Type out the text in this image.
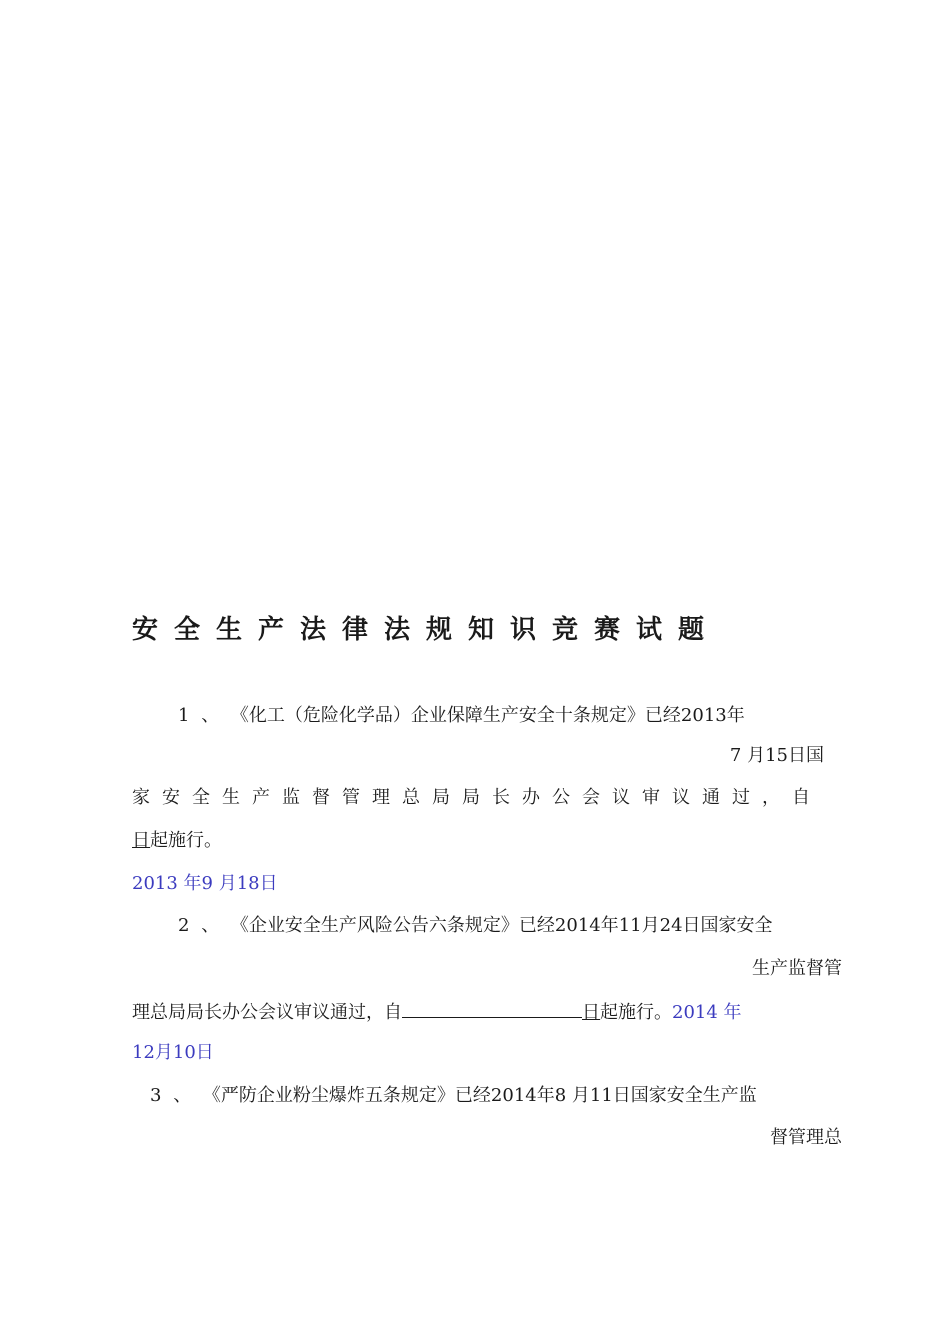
安全生产法律法规知识竞赛试题
1 、 《化工（危险化学品）企业保障生产安全十条规定》已经2013年
7 月15日国
家安全生产监督管理总局局长办公会议审议通过，自
日起施行。
2013 年9 月18日
2 、 《企业安全生产风险公告六条规定》已经2014年11月24日国家安全
生产监督管
理总局局长办公会议审议通过，自	日起施行。2014 年
12月10日
3 、 《严防企业粉尘爆炸五条规定》已经2014年8 月11日国家安全生产监
督管理总
